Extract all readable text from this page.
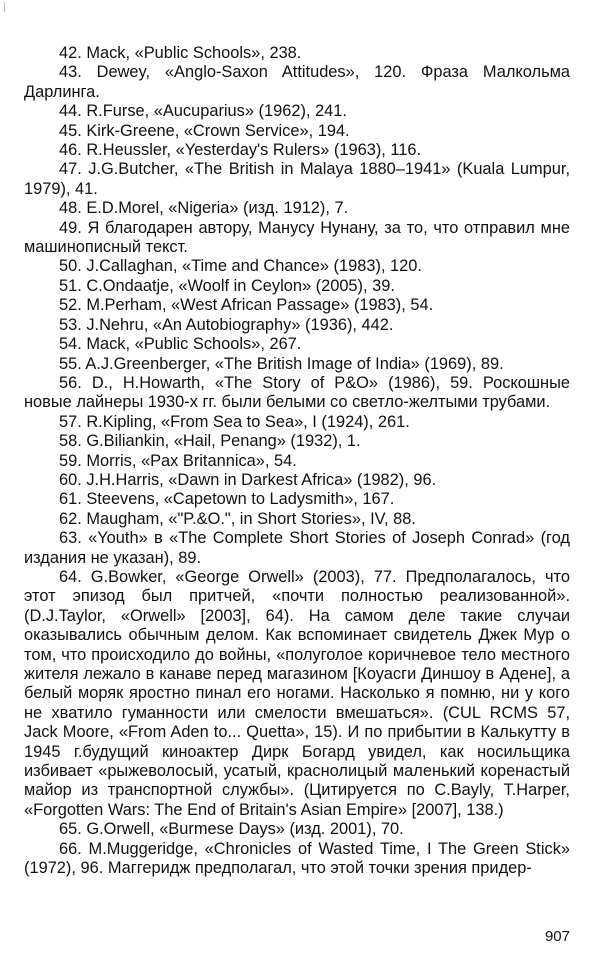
42. Mack, «Public Schools», 238.

43. Dewey, «Anglo-Saxon Attitudes», 120. Фраза Малкольма Дарлинга.

44. R.Furse, «Aucuparius» (1962), 241.

45. Kirk-Greene, «Crown Service», 194.

46. R.Heussler, «Yesterday's Rulers» (1963), 116.

47. J.G.Butcher, «The British in Malaya 1880–1941» (Kuala Lumpur, 1979), 41.

48. E.D.Morel, «Nigeria» (изд. 1912), 7.

49. Я благодарен автору, Манусу Нунану, за то, что отправил мне машинописный текст.

50. J.Callaghan, «Time and Chance» (1983), 120.

51. C.Ondaatje, «Woolf in Ceylon» (2005), 39.

52. M.Perham, «West African Passage» (1983), 54.

53. J.Nehru, «An Autobiography» (1936), 442.

54. Mack, «Public Schools», 267.

55. A.J.Greenberger, «The British Image of India» (1969), 89.

56. D., H.Howarth, «The Story of P&O» (1986), 59. Роскошные новые лайнеры 1930-х гг. были белыми со светло-желтыми трубами.

57. R.Kipling, «From Sea to Sea», I (1924), 261.

58. G.Biliankin, «Hail, Penang» (1932), 1.

59. Morris, «Pax Britannica», 54.

60. J.H.Harris, «Dawn in Darkest Africa» (1982), 96.

61. Steevens, «Capetown to Ladysmith», 167.

62. Maugham, «"P.&O.", in Short Stories», IV, 88.

63. «Youth» в «The Complete Short Stories of Joseph Conrad» (год издания не указан), 89.

64. G.Bowker, «George Orwell» (2003), 77. Предполагалось, что этот эпизод был притчей, «почти полностью реализованной». (D.J.Taylor, «Orwell» [2003], 64). На самом деле такие случаи оказывались обычным делом. Как вспоминает свидетель Джек Мур о том, что происходило до войны, «полуголое коричневое тело местного жителя лежало в канаве перед магазином [Коуасги Диншоу в Адене], а белый моряк яростно пинал его ногами. Насколько я помню, ни у кого не хватило гуманности или смелости вмешаться». (CUL RCMS 57, Jack Moore, «From Aden to... Quetta», 15). И по прибытии в Калькутту в 1945 г.будущий киноактер Дирк Богард увидел, как носильщика избивает «рыжеволосый, усатый, краснолицый маленький коренастый майор из транспортной службы». (Цитируется по C.Bayly, T.Harper, «Forgotten Wars: The End of Britain's Asian Empire» [2007], 138.)

65. G.Orwell, «Burmese Days» (изд. 2001), 70.

66. M.Muggeridge, «Chronicles of Wasted Time, I The Green Stick» (1972), 96. Маггеридж предполагал, что этой точки зрения придер-

907
